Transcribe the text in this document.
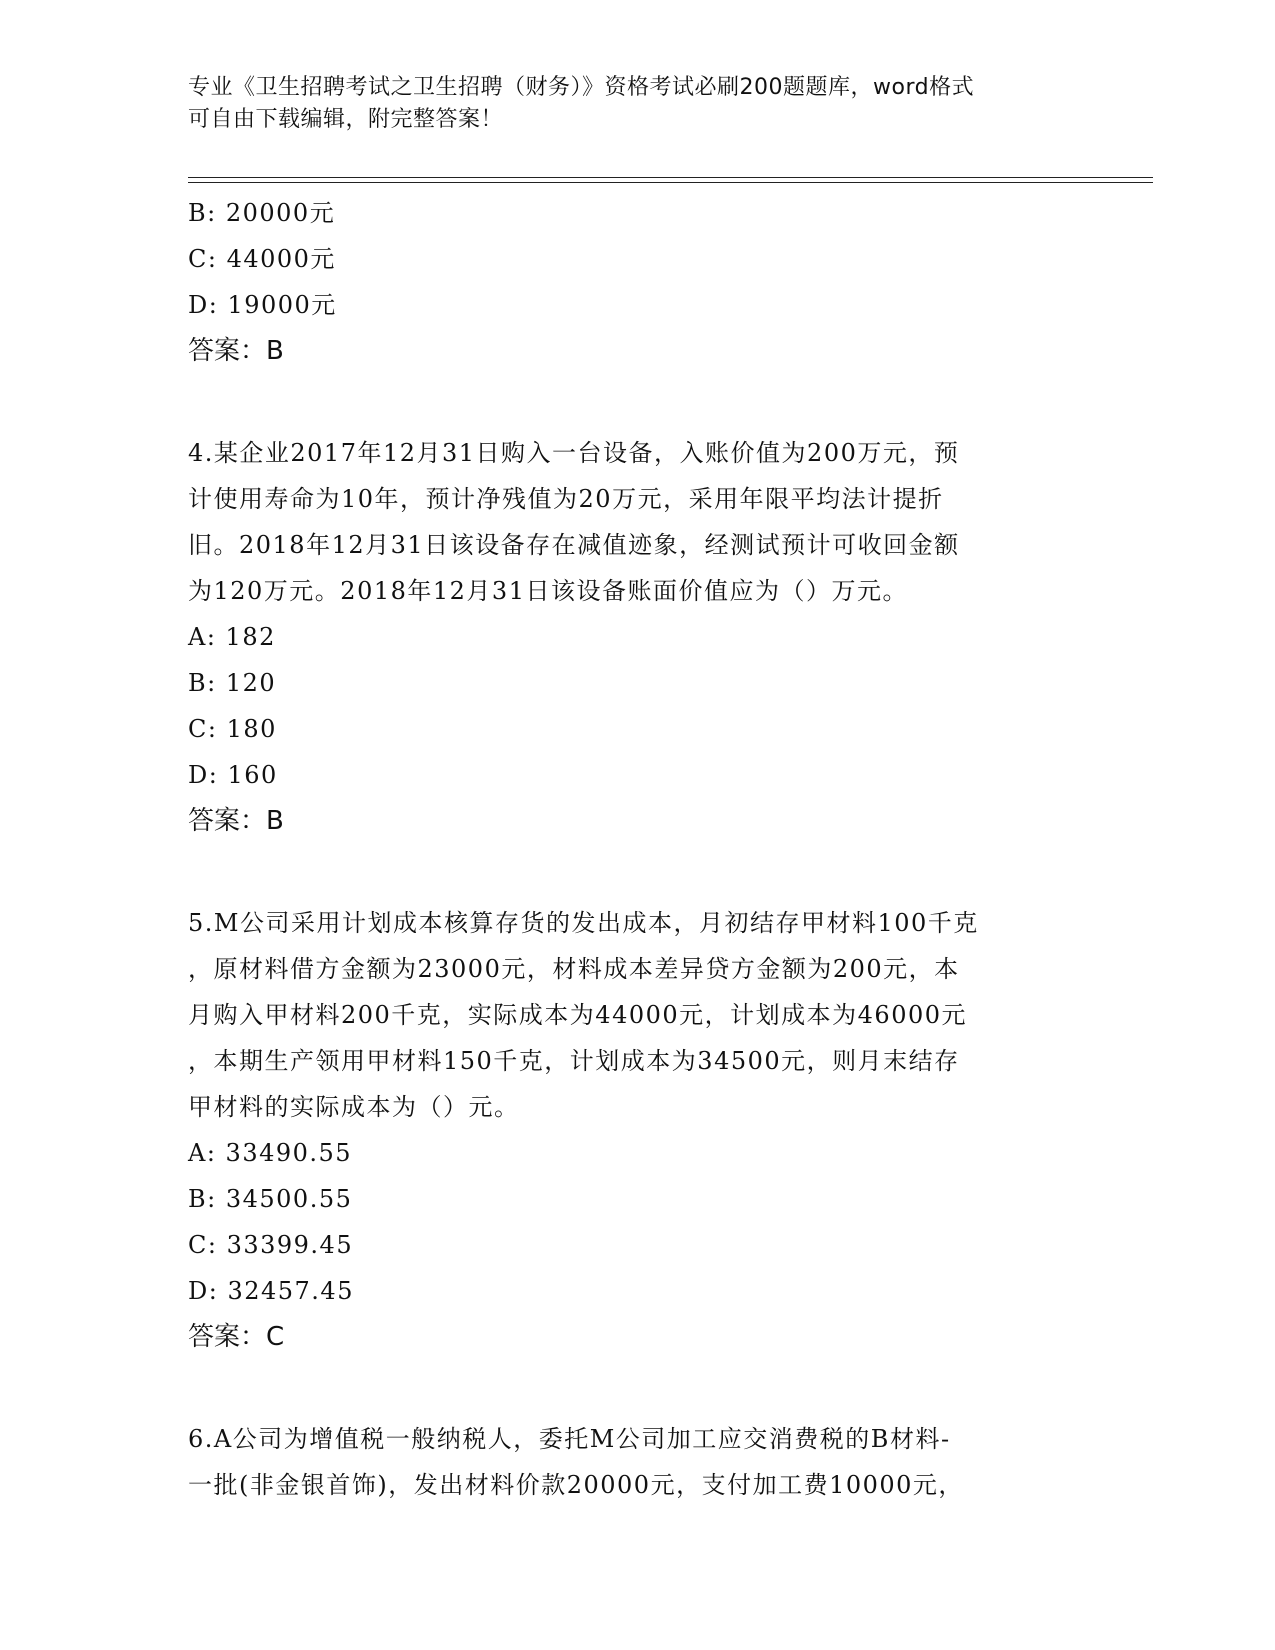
专业《卫生招聘考试之卫生招聘（财务）》资格考试必刷200题题库，word格式
可自由下载编辑，附完整答案！
B: 20000元
C: 44000元
D: 19000元
答案：B
4.某企业2017年12月31日购入一台设备，入账价值为200万元，预
计使用寿命为10年，预计净残值为20万元，采用年限平均法计提折
旧。2018年12月31日该设备存在减值迹象，经测试预计可收回金额
为120万元。2018年12月31日该设备账面价值应为（）万元。
A: 182
B: 120
C: 180
D: 160
答案：B
5.M公司采用计划成本核算存货的发出成本，月初结存甲材料100千克
，原材料借方金额为23000元，材料成本差异贷方金额为200元，本
月购入甲材料200千克，实际成本为44000元，计划成本为46000元
，本期生产领用甲材料150千克，计划成本为34500元，则月末结存
甲材料的实际成本为（）元。
A: 33490.55
B: 34500.55
C: 33399.45
D: 32457.45
答案：C
6.A公司为增值税一般纳税人，委托M公司加工应交消费税的B材料-
一批(非金银首饰)，发出材料价款20000元，支付加工费10000元，
